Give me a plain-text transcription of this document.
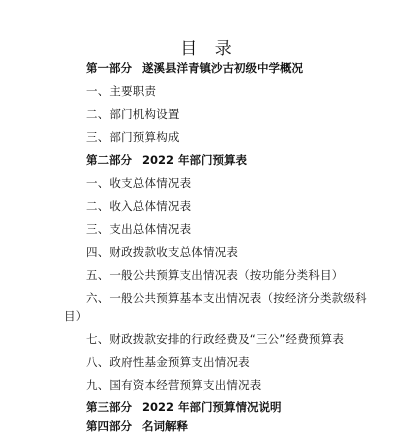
目 录
第一部分 遂溪县洋青镇沙古初级中学概况
一、主要职责
二、部门机构设置
三、部门预算构成
第二部分 2022 年部门预算表
一、收支总体情况表
二、收入总体情况表
三、支出总体情况表
四、财政拨款收支总体情况表
五、一般公共预算支出情况表（按功能分类科目）
六、一般公共预算基本支出情况表（按经济分类款级科
目）
七、财政拨款安排的行政经费及“三公”经费预算表
八、政府性基金预算支出情况表
九、国有资本经营预算支出情况表
第三部分 2022 年部门预算情况说明
第四部分 名词解释
